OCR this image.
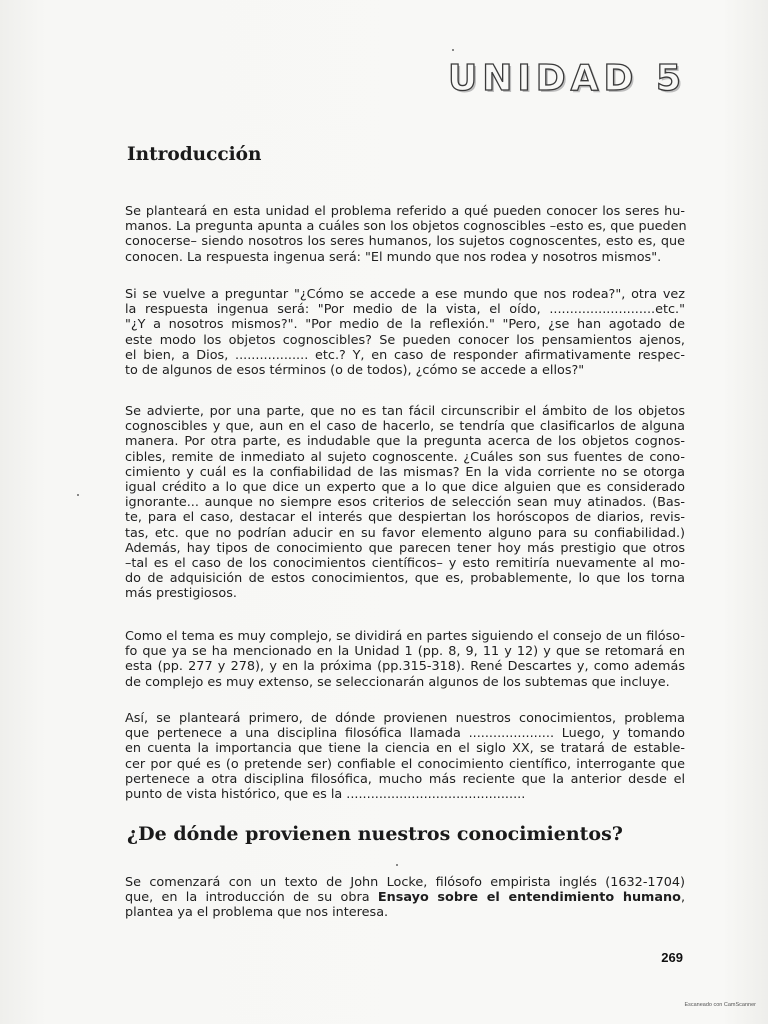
UNIDAD 5
Introducción

Se planteará en esta unidad el problema referido a qué pueden conocer los seres hu-
manos. La pregunta apunta a cuáles son los objetos cognoscibles –esto es, que pueden
conocerse– siendo nosotros los seres humanos, los sujetos cognoscentes, esto es, que
conocen. La respuesta ingenua será: "El mundo que nos rodea y nosotros mismos".

Si se vuelve a preguntar "¿Cómo se accede a ese mundo que nos rodea?", otra vez
la respuesta ingenua será: "Por medio de la vista, el oído, ..........................etc."
"¿Y a nosotros mismos?". "Por medio de la reflexión." "Pero, ¿se han agotado de
este modo los objetos cognoscibles? Se pueden conocer los pensamientos ajenos,
el bien, a Dios, .................. etc.? Y, en caso de responder afirmativamente respec-
to de algunos de esos términos (o de todos), ¿cómo se accede a ellos?"

Se advierte, por una parte, que no es tan fácil circunscribir el ámbito de los objetos
cognoscibles y que, aun en el caso de hacerlo, se tendría que clasificarlos de alguna
manera. Por otra parte, es indudable que la pregunta acerca de los objetos cognos-
cibles, remite de inmediato al sujeto cognoscente. ¿Cuáles son sus fuentes de cono-
cimiento y cuál es la confiabilidad de las mismas? En la vida corriente no se otorga
igual crédito a lo que dice un experto que a lo que dice alguien que es considerado
ignorante... aunque no siempre esos criterios de selección sean muy atinados. (Bas-
te, para el caso, destacar el interés que despiertan los horóscopos de diarios, revis-
tas, etc. que no podrían aducir en su favor elemento alguno para su confiabilidad.)
Además, hay tipos de conocimiento que parecen tener hoy más prestigio que otros
–tal es el caso de los conocimientos científicos– y esto remitiría nuevamente al mo-
do de adquisición de estos conocimientos, que es, probablemente, lo que los torna
más prestigiosos.

Como el tema es muy complejo, se dividirá en partes siguiendo el consejo de un filóso-
fo que ya se ha mencionado en la Unidad 1 (pp. 8, 9, 11 y 12) y que se retomará en
esta (pp. 277 y 278), y en la próxima (pp.315-318). René Descartes y, como además
de complejo es muy extenso, se seleccionarán algunos de los subtemas que incluye.

Así, se planteará primero, de dónde provienen nuestros conocimientos, problema
que pertenece a una disciplina filosófica llamada ..................... Luego, y tomando
en cuenta la importancia que tiene la ciencia en el siglo XX, se tratará de estable-
cer por qué es (o pretende ser) confiable el conocimiento científico, interrogante que
pertenece a otra disciplina filosófica, mucho más reciente que la anterior desde el
punto de vista histórico, que es la ............................................

¿De dónde provienen nuestros conocimientos?

Se comenzará con un texto de John Locke, filósofo empirista inglés (1632-1704)
que, en la introducción de su obra Ensayo sobre el entendimiento humano,
plantea ya el problema que nos interesa.

269
Escaneado con CamScanner
